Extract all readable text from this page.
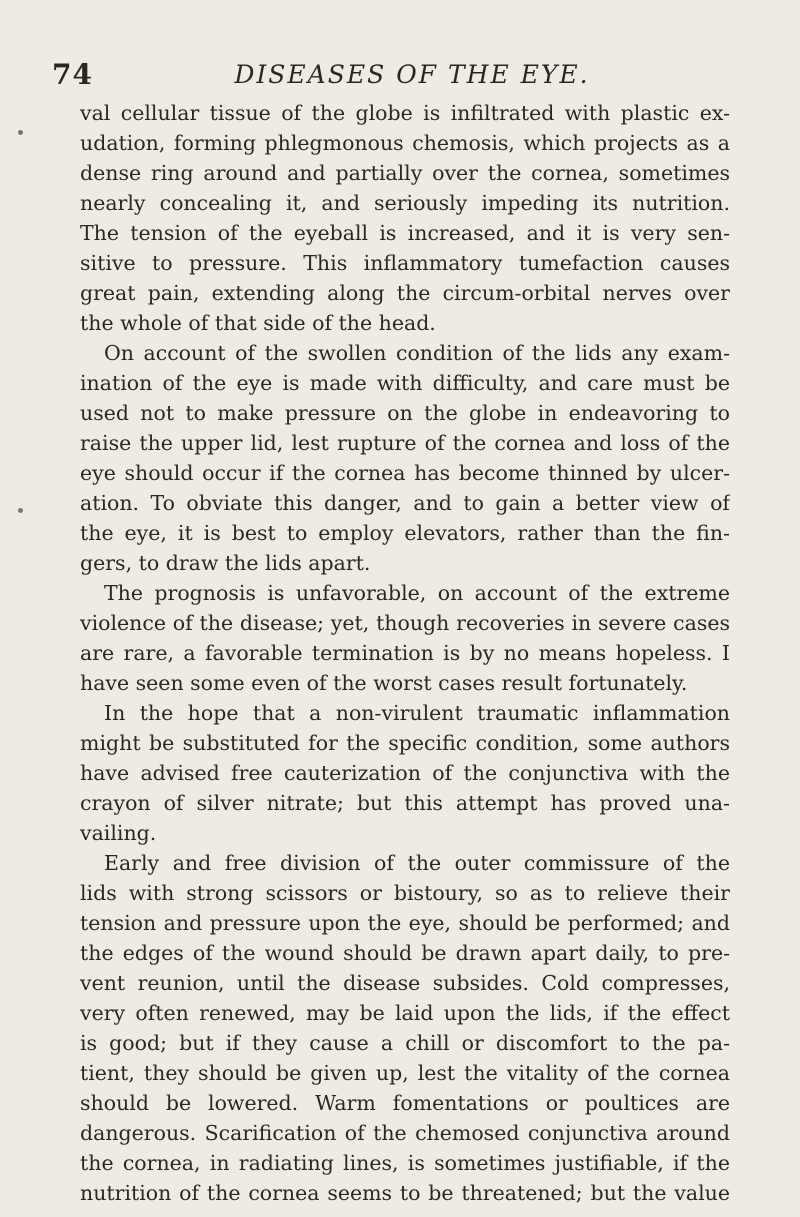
74	DISEASES OF THE EYE.
val cellular tissue of the globe is infiltrated with plastic ex-
udation, forming phlegmonous chemosis, which projects as a
dense ring around and partially over the cornea, sometimes
nearly concealing it, and seriously impeding its nutrition.
The tension of the eyeball is increased, and it is very sen-
sitive to pressure. This inflammatory tumefaction causes
great pain, extending along the circum-orbital nerves over
the whole of that side of the head.
On account of the swollen condition of the lids any exam-
ination of the eye is made with difficulty, and care must be
used not to make pressure on the globe in endeavoring to
raise the upper lid, lest rupture of the cornea and loss of the
eye should occur if the cornea has become thinned by ulcer-
ation. To obviate this danger, and to gain a better view of
the eye, it is best to employ elevators, rather than the fin-
gers, to draw the lids apart.
The prognosis is unfavorable, on account of the extreme
violence of the disease; yet, though recoveries in severe cases
are rare, a favorable termination is by no means hopeless. I
have seen some even of the worst cases result fortunately.
In the hope that a non-virulent traumatic inflammation
might be substituted for the specific condition, some authors
have advised free cauterization of the conjunctiva with the
crayon of silver nitrate; but this attempt has proved una-
vailing.
Early and free division of the outer commissure of the
lids with strong scissors or bistoury, so as to relieve their
tension and pressure upon the eye, should be performed; and
the edges of the wound should be drawn apart daily, to pre-
vent reunion, until the disease subsides. Cold compresses,
very often renewed, may be laid upon the lids, if the effect
is good; but if they cause a chill or discomfort to the pa-
tient, they should be given up, lest the vitality of the cornea
should be lowered. Warm fomentations or poultices are
dangerous. Scarification of the chemosed conjunctiva around
the cornea, in radiating lines, is sometimes justifiable, if the
nutrition of the cornea seems to be threatened; but the value
